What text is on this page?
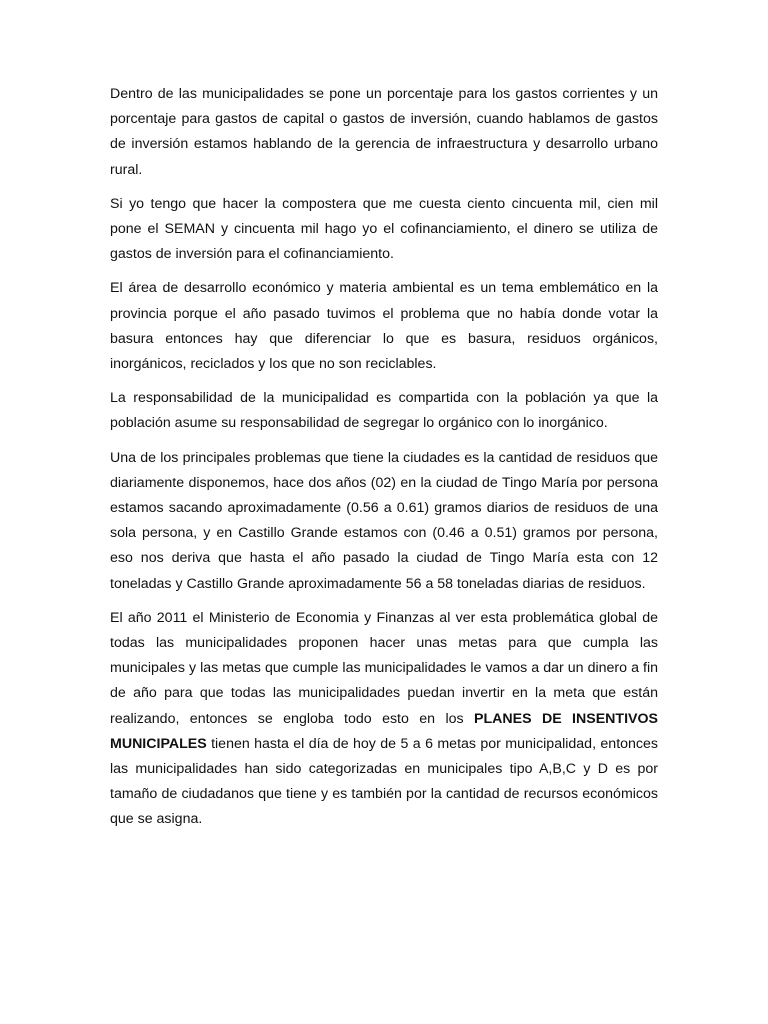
Dentro de las municipalidades se pone un porcentaje para los gastos corrientes y un porcentaje para gastos de capital o gastos de inversión, cuando hablamos de gastos de inversión estamos hablando de la gerencia de infraestructura y desarrollo urbano rural.

Si yo tengo que hacer la compostera que me cuesta ciento cincuenta mil, cien mil pone el SEMAN y cincuenta mil hago yo el cofinanciamiento, el dinero se utiliza de gastos de inversión para el cofinanciamiento.

El área de desarrollo económico y materia ambiental es un tema emblemático en la provincia porque el año pasado tuvimos el problema que no había donde votar la basura entonces hay que diferenciar lo que es basura, residuos orgánicos, inorgánicos, reciclados y los que no son reciclables.

La responsabilidad de la municipalidad es compartida con la población ya que la población asume su responsabilidad de segregar lo orgánico con lo inorgánico.

Una de los principales problemas que tiene la ciudades es la cantidad de residuos que diariamente disponemos, hace dos años (02) en la ciudad de Tingo María por persona estamos sacando aproximadamente (0.56 a 0.61) gramos diarios de residuos de una sola persona, y en Castillo Grande estamos con (0.46 a 0.51) gramos por persona, eso nos deriva que hasta el año pasado la ciudad de Tingo María esta con 12 toneladas y Castillo Grande aproximadamente 56 a 58 toneladas diarias de residuos.

El año 2011 el Ministerio de Economia y Finanzas al ver esta problemática global de todas las municipalidades proponen hacer unas metas para que cumpla las municipales y las metas que cumple las municipalidades le vamos a dar un dinero a fin de año para que todas las municipalidades puedan invertir en la meta que están realizando, entonces se engloba todo esto en los PLANES DE INSENTIVOS MUNICIPALES tienen hasta el día de hoy de 5 a 6 metas por municipalidad, entonces las municipalidades han sido categorizadas en municipales tipo A,B,C y D es por tamaño de ciudadanos que tiene y es también por la cantidad de recursos económicos que se asigna.
